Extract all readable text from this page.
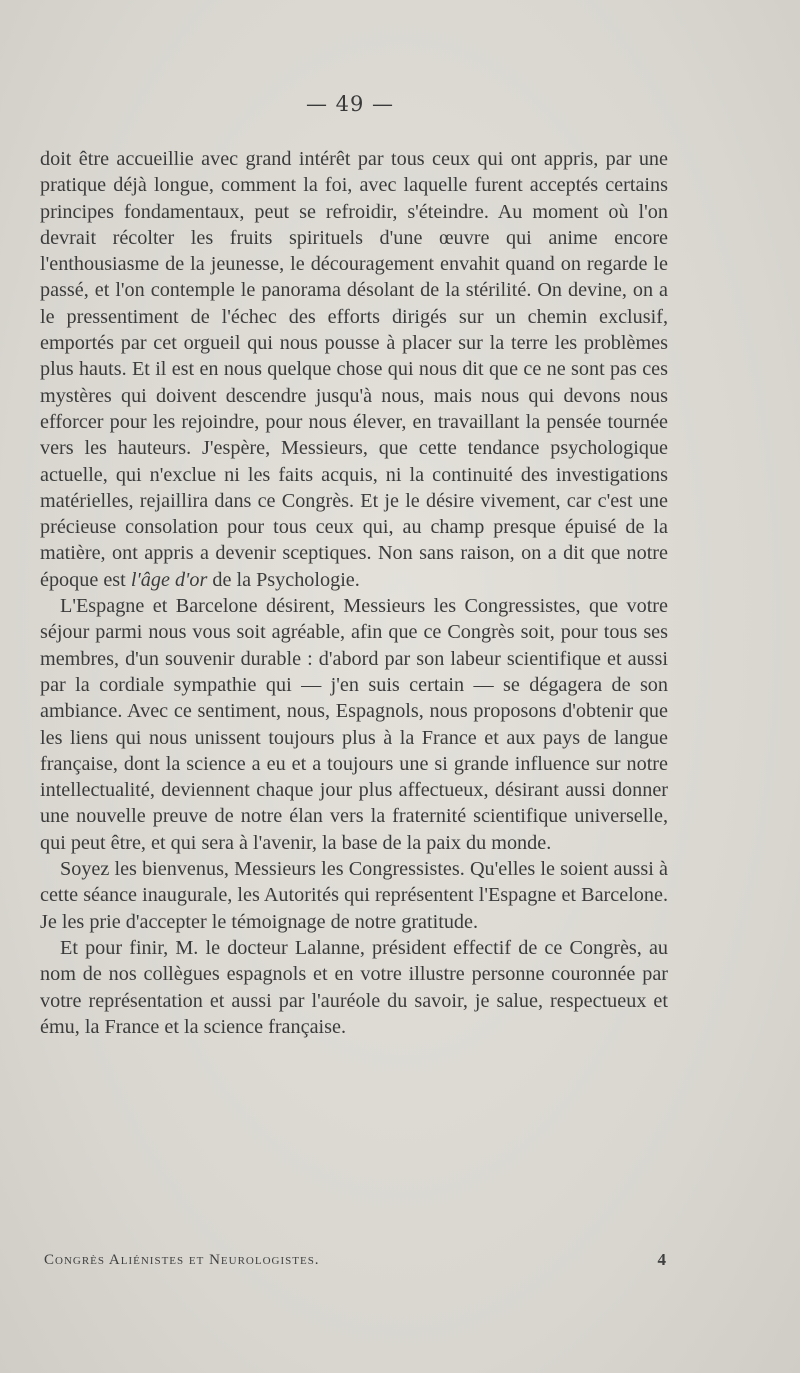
— 49 —

doit être accueillie avec grand intérêt par tous ceux qui ont appris, par une pratique déjà longue, comment la foi, avec laquelle furent acceptés certains principes fondamentaux, peut se refroidir, s'éteindre. Au moment où l'on devrait récolter les fruits spirituels d'une œuvre qui anime encore l'enthousiasme de la jeunesse, le découragement envahit quand on regarde le passé, et l'on contemple le panorama désolant de la stérilité. On devine, on a le pressentiment de l'échec des efforts dirigés sur un chemin exclusif, emportés par cet orgueil qui nous pousse à placer sur la terre les problèmes plus hauts. Et il est en nous quelque chose qui nous dit que ce ne sont pas ces mystères qui doivent descendre jusqu'à nous, mais nous qui devons nous efforcer pour les rejoindre, pour nous élever, en travaillant la pensée tournée vers les hauteurs. J'espère, Messieurs, que cette tendance psychologique actuelle, qui n'exclue ni les faits acquis, ni la continuité des investigations matérielles, rejaillira dans ce Congrès. Et je le désire vivement, car c'est une précieuse consolation pour tous ceux qui, au champ presque épuisé de la matière, ont appris a devenir sceptiques. Non sans raison, on a dit que notre époque est l'âge d'or de la Psychologie.

L'Espagne et Barcelone désirent, Messieurs les Congressistes, que votre séjour parmi nous vous soit agréable, afin que ce Congrès soit, pour tous ses membres, d'un souvenir durable : d'abord par son labeur scientifique et aussi par la cordiale sympathie qui — j'en suis certain — se dégagera de son ambiance. Avec ce sentiment, nous, Espagnols, nous proposons d'obtenir que les liens qui nous unissent toujours plus à la France et aux pays de langue française, dont la science a eu et a toujours une si grande influence sur notre intellectualité, deviennent chaque jour plus affectueux, désirant aussi donner une nouvelle preuve de notre élan vers la fraternité scientifique universelle, qui peut être, et qui sera à l'avenir, la base de la paix du monde.

Soyez les bienvenus, Messieurs les Congressistes. Qu'elles le soient aussi à cette séance inaugurale, les Autorités qui représentent l'Espagne et Barcelone. Je les prie d'accepter le témoignage de notre gratitude.

Et pour finir, M. le docteur Lalanne, président effectif de ce Congrès, au nom de nos collègues espagnols et en votre illustre personne couronnée par votre représentation et aussi par l'auréole du savoir, je salue, respectueux et ému, la France et la science française.

Congrès Aliénistes et Neurologistes.	4
